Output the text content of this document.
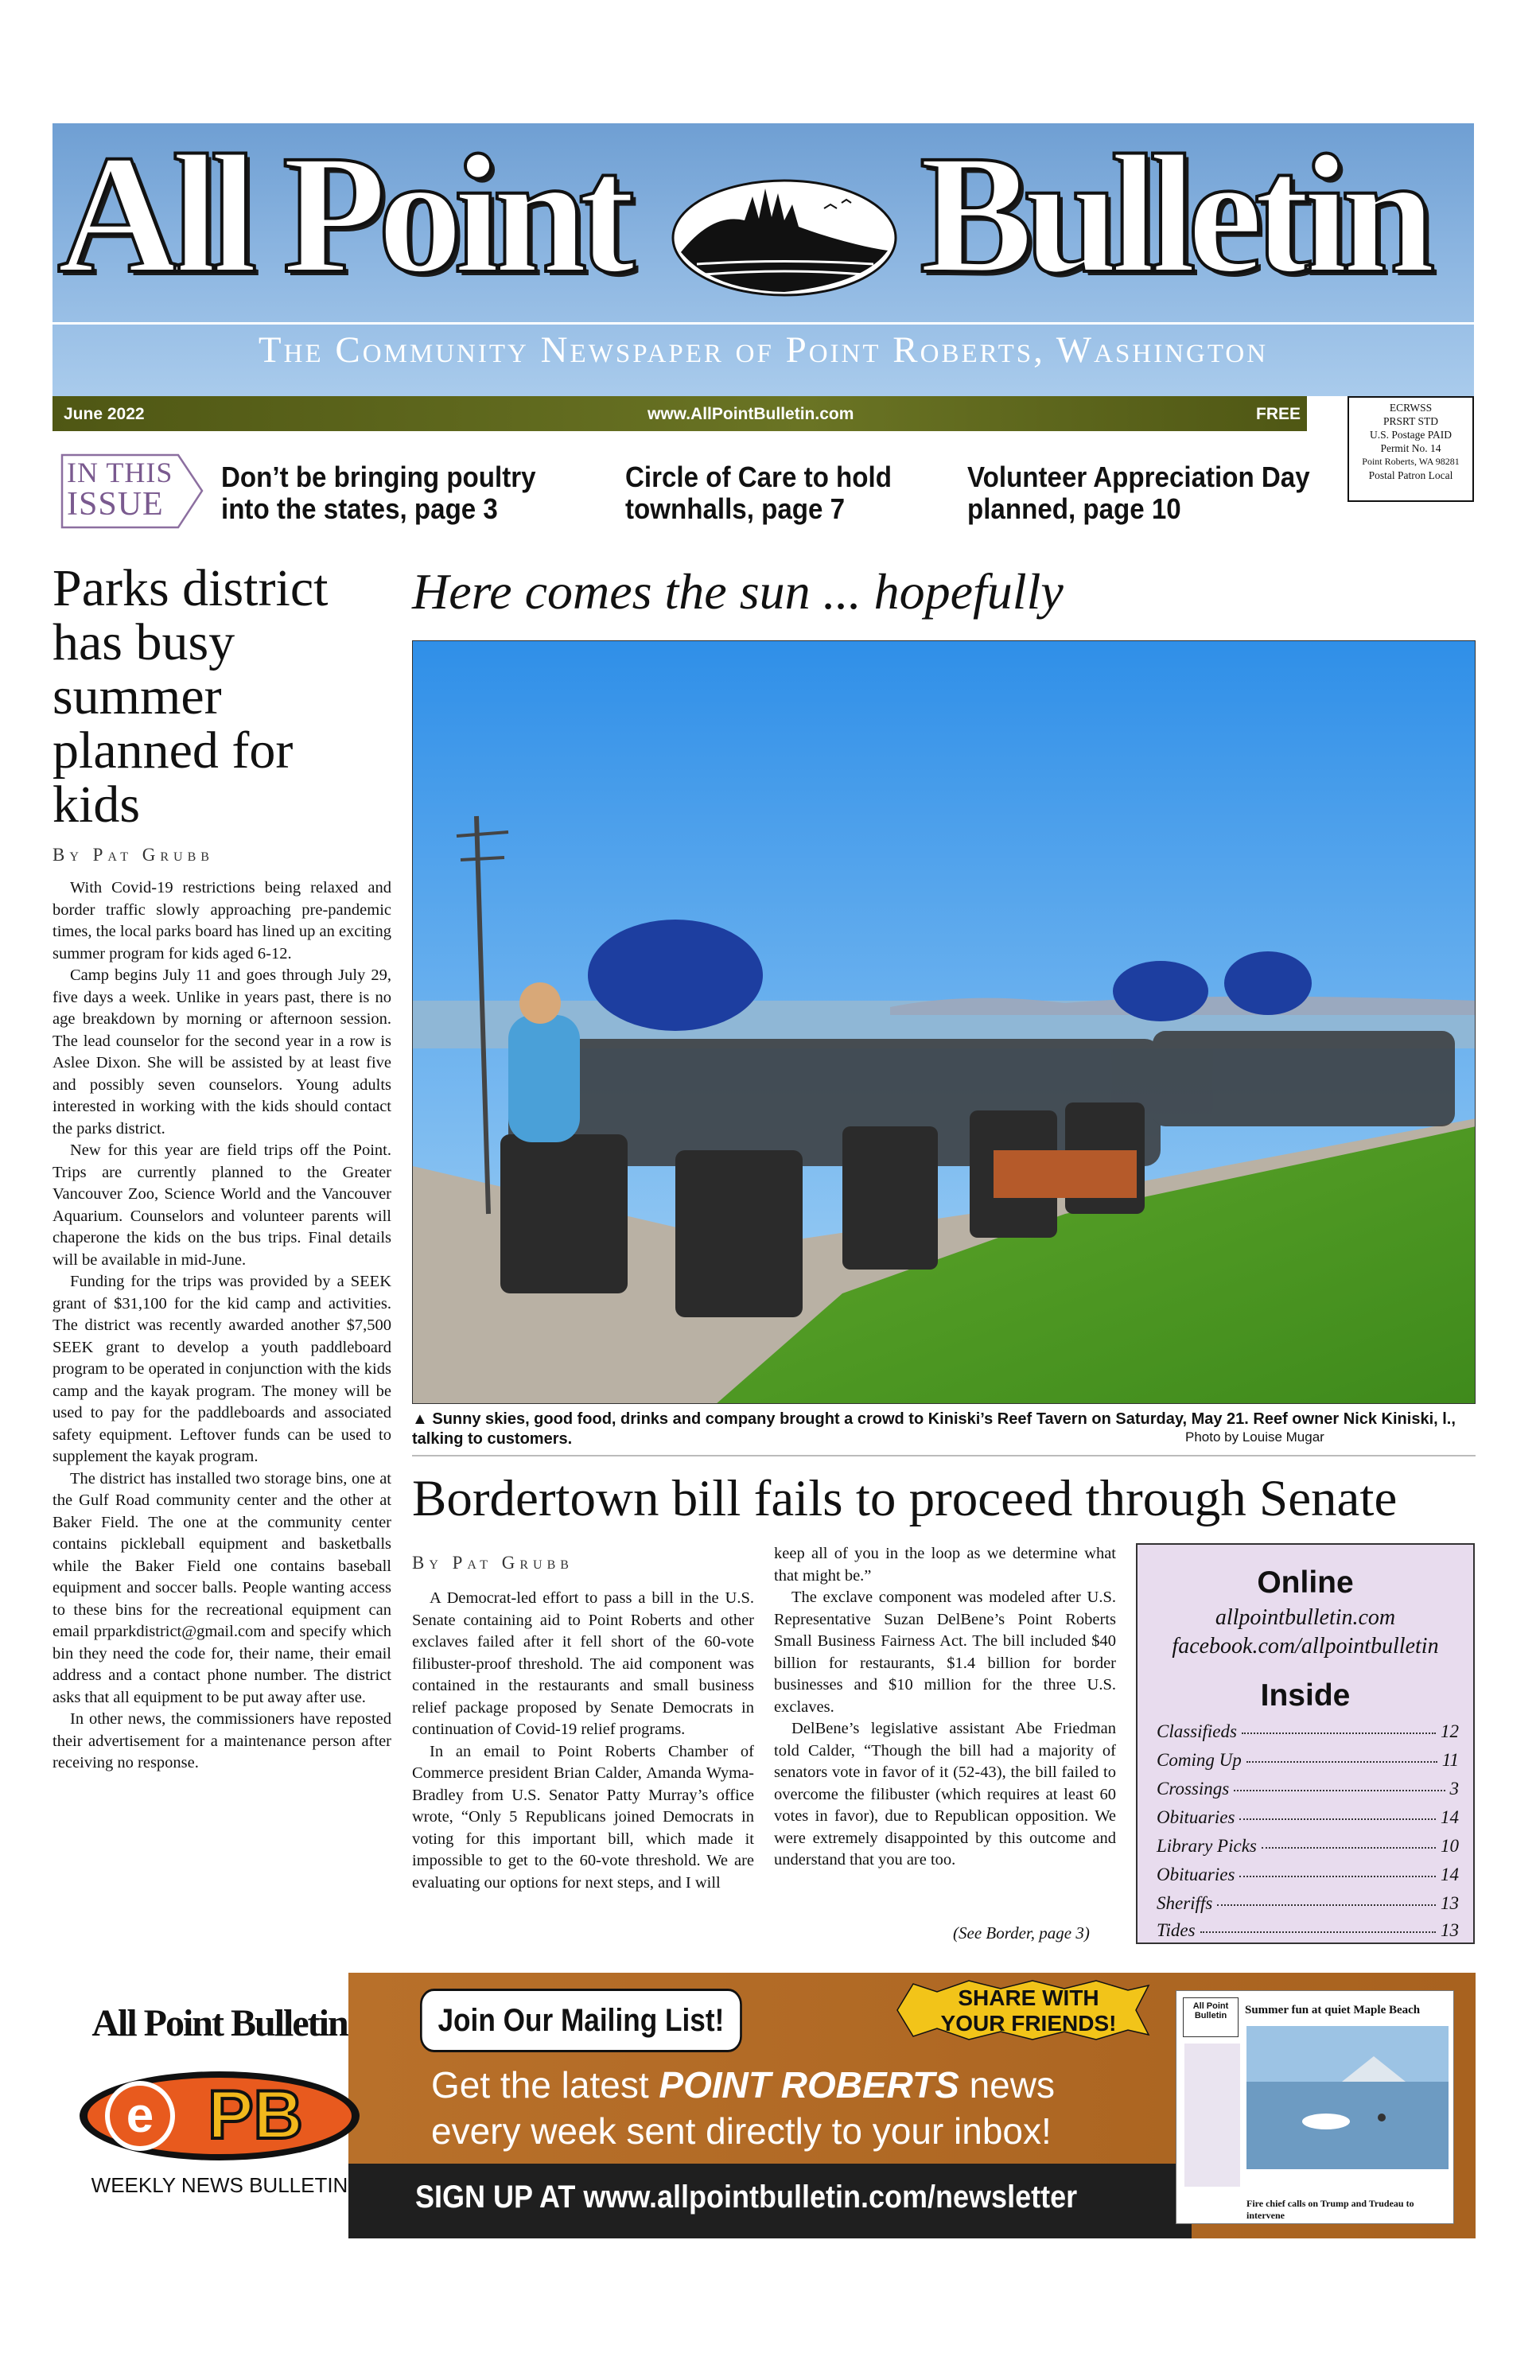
All Point Bulletin
The Community Newspaper of Point Roberts, Washington
June 2022	www.AllPointBulletin.com	FREE	ECRWSS
PRSRT STD
U.S. Postage PAID
Permit No. 14
Point Roberts, WA 98281
Postal Patron Local
IN THIS
ISSUE
Don’t be bringing poultry
into the states, page 3
Circle of Care to hold
townhalls, page 7
Volunteer Appreciation Day
planned, page 10
Parks district has busy summer planned for kids
By Pat Grubb

With Covid-19 restrictions being relaxed and border traffic slowly approaching pre-pandemic times, the local parks board has lined up an exciting summer program for kids aged 6-12.

Camp begins July 11 and goes through July 29, five days a week. Unlike in years past, there is no age breakdown by morning or afternoon session. The lead counselor for the second year in a row is Aslee Dixon. She will be assisted by at least five and possibly seven counselors. Young adults interested in working with the kids should contact the parks district.

New for this year are field trips off the Point. Trips are currently planned to the Greater Vancouver Zoo, Science World and the Vancouver Aquarium. Counselors and volunteer parents will chaperone the kids on the bus trips. Final details will be available in mid-June.

Funding for the trips was provided by a SEEK grant of $31,100 for the kid camp and activities. The district was recently awarded another $7,500 SEEK grant to develop a youth paddleboard program to be operated in conjunction with the kids camp and the kayak program. The money will be used to pay for the paddleboards and associated safety equipment. Leftover funds can be used to supplement the kayak program.

The district has installed two storage bins, one at the Gulf Road community center and the other at Baker Field. The one at the community center contains pickleball equipment and basketballs while the Baker Field one contains baseball equipment and soccer balls. People wanting access to these bins for the recreational equipment can email prparkdistrict@gmail.com and specify which bin they need the code for, their name, their email address and a contact phone number. The district asks that all equipment to be put away after use.

In other news, the commissioners have reposted their advertisement for a maintenance person after receiving no response.

Here comes the sun ... hopefully
▲ Sunny skies, good food, drinks and company brought a crowd to Kiniski’s Reef Tavern on Saturday, May 21. Reef owner Nick Kiniski, l., talking to customers.	Photo by Louise Mugar
Bordertown bill fails to proceed through Senate
By Pat Grubb

A Democrat-led effort to pass a bill in the U.S. Senate containing aid to Point Roberts and other exclaves failed after it fell short of the 60-vote filibuster-proof threshold. The aid component was contained in the restaurants and small business relief package proposed by Senate Democrats in continuation of Covid-19 relief programs.

In an email to Point Roberts Chamber of Commerce president Brian Calder, Amanda Wyma-Bradley from U.S. Senator Patty Murray’s office wrote, “Only 5 Republicans joined Democrats in voting for this important bill, which made it impossible to get to the 60-vote threshold. We are evaluating our options for next steps, and I will

keep all of you in the loop as we determine what that might be.”

The exclave component was modeled after U.S. Representative Suzan DelBene’s Point Roberts Small Business Fairness Act. The bill included $40 billion for restaurants, $1.4 billion for border businesses and $10 million for the three U.S. exclaves.

DelBene’s legislative assistant Abe Friedman told Calder, “Though the bill had a majority of senators vote in favor of it (52-43), the bill failed to overcome the filibuster (which requires at least 60 votes in favor), due to Republican opposition. We were extremely disappointed by this outcome and understand that you are too.

(See Border, page 3)
Online
allpointbulletin.com
facebook.com/allpointbulletin
Inside
Classifieds	12
Coming Up	11
Crossings	3
Obituaries	14
Library Picks	10
Obituaries	14
Sheriffs	13
Tides	13
All Point Bulletin
e PB
WEEKLY NEWS BULLETIN
Join Our Mailing List!
SHARE WITH YOUR FRIENDS!
Get the latest POINT ROBERTS news
every week sent directly to your inbox!
SIGN UP AT www.allpointbulletin.com/newsletter
All Point Bulletin	Summer fun at quiet Maple Beach
Fire chief calls on Trump and Trudeau to intervene
